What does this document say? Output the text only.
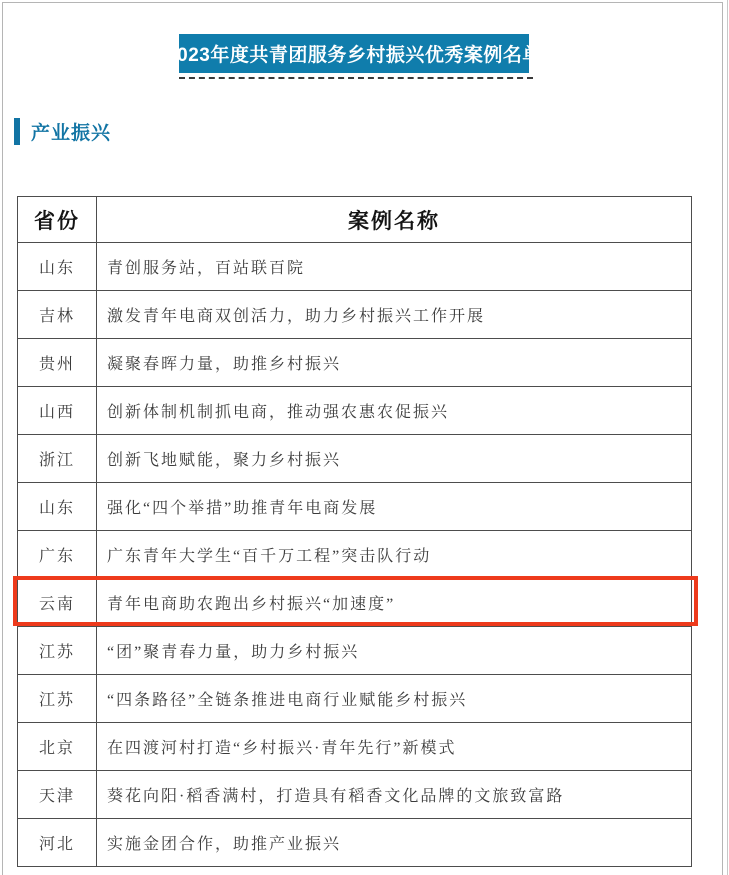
2023年度共青团服务乡村振兴优秀案例名单
产业振兴
省份	案例名称
山东	青创服务站，百站联百院
吉林	激发青年电商双创活力，助力乡村振兴工作开展
贵州	凝聚春晖力量，助推乡村振兴
山西	创新体制机制抓电商，推动强农惠农促振兴
浙江	创新飞地赋能，聚力乡村振兴
山东	强化“四个举措”助推青年电商发展
广东	广东青年大学生“百千万工程”突击队行动
云南	青年电商助农跑出乡村振兴“加速度”
江苏	“团”聚青春力量，助力乡村振兴
江苏	“四条路径”全链条推进电商行业赋能乡村振兴
北京	在四渡河村打造“乡村振兴·青年先行”新模式
天津	葵花向阳·稻香满村，打造具有稻香文化品牌的文旅致富路
河北	实施金团合作，助推产业振兴
